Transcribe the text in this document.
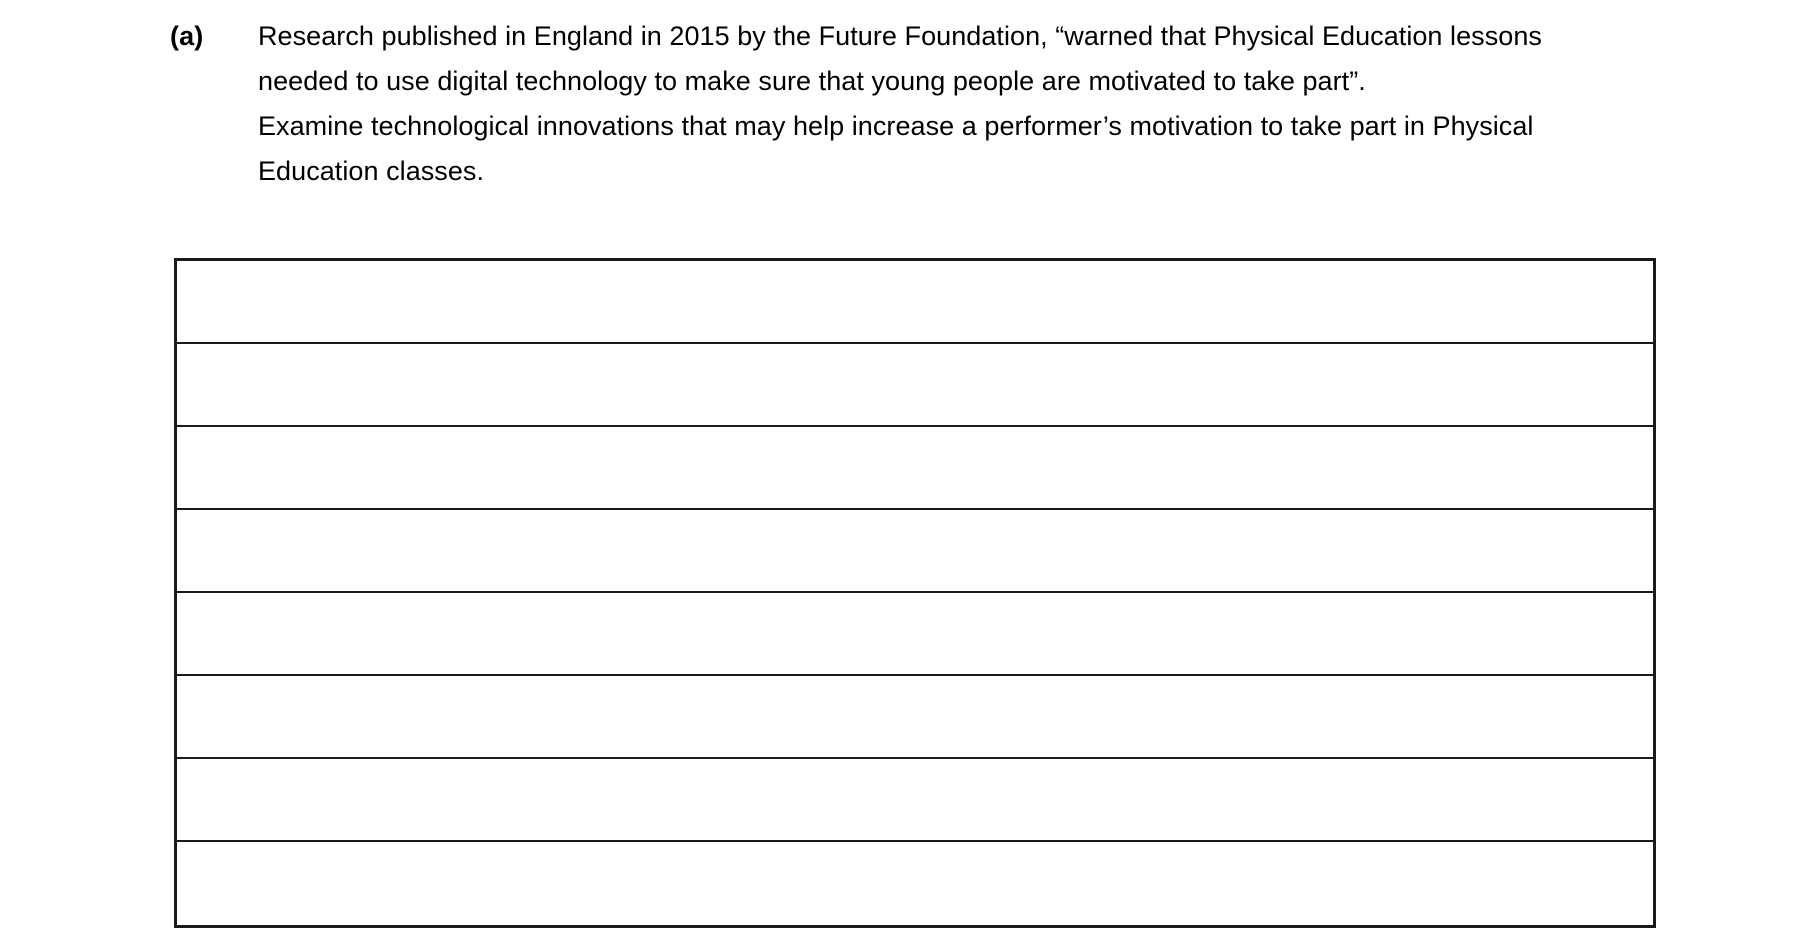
(a)	Research published in England in 2015 by the Future Foundation, “warned that Physical Education lessons needed to use digital technology to make sure that young people are motivated to take part”.

Examine technological innovations that may help increase a performer’s motivation to take part in Physical Education classes.
